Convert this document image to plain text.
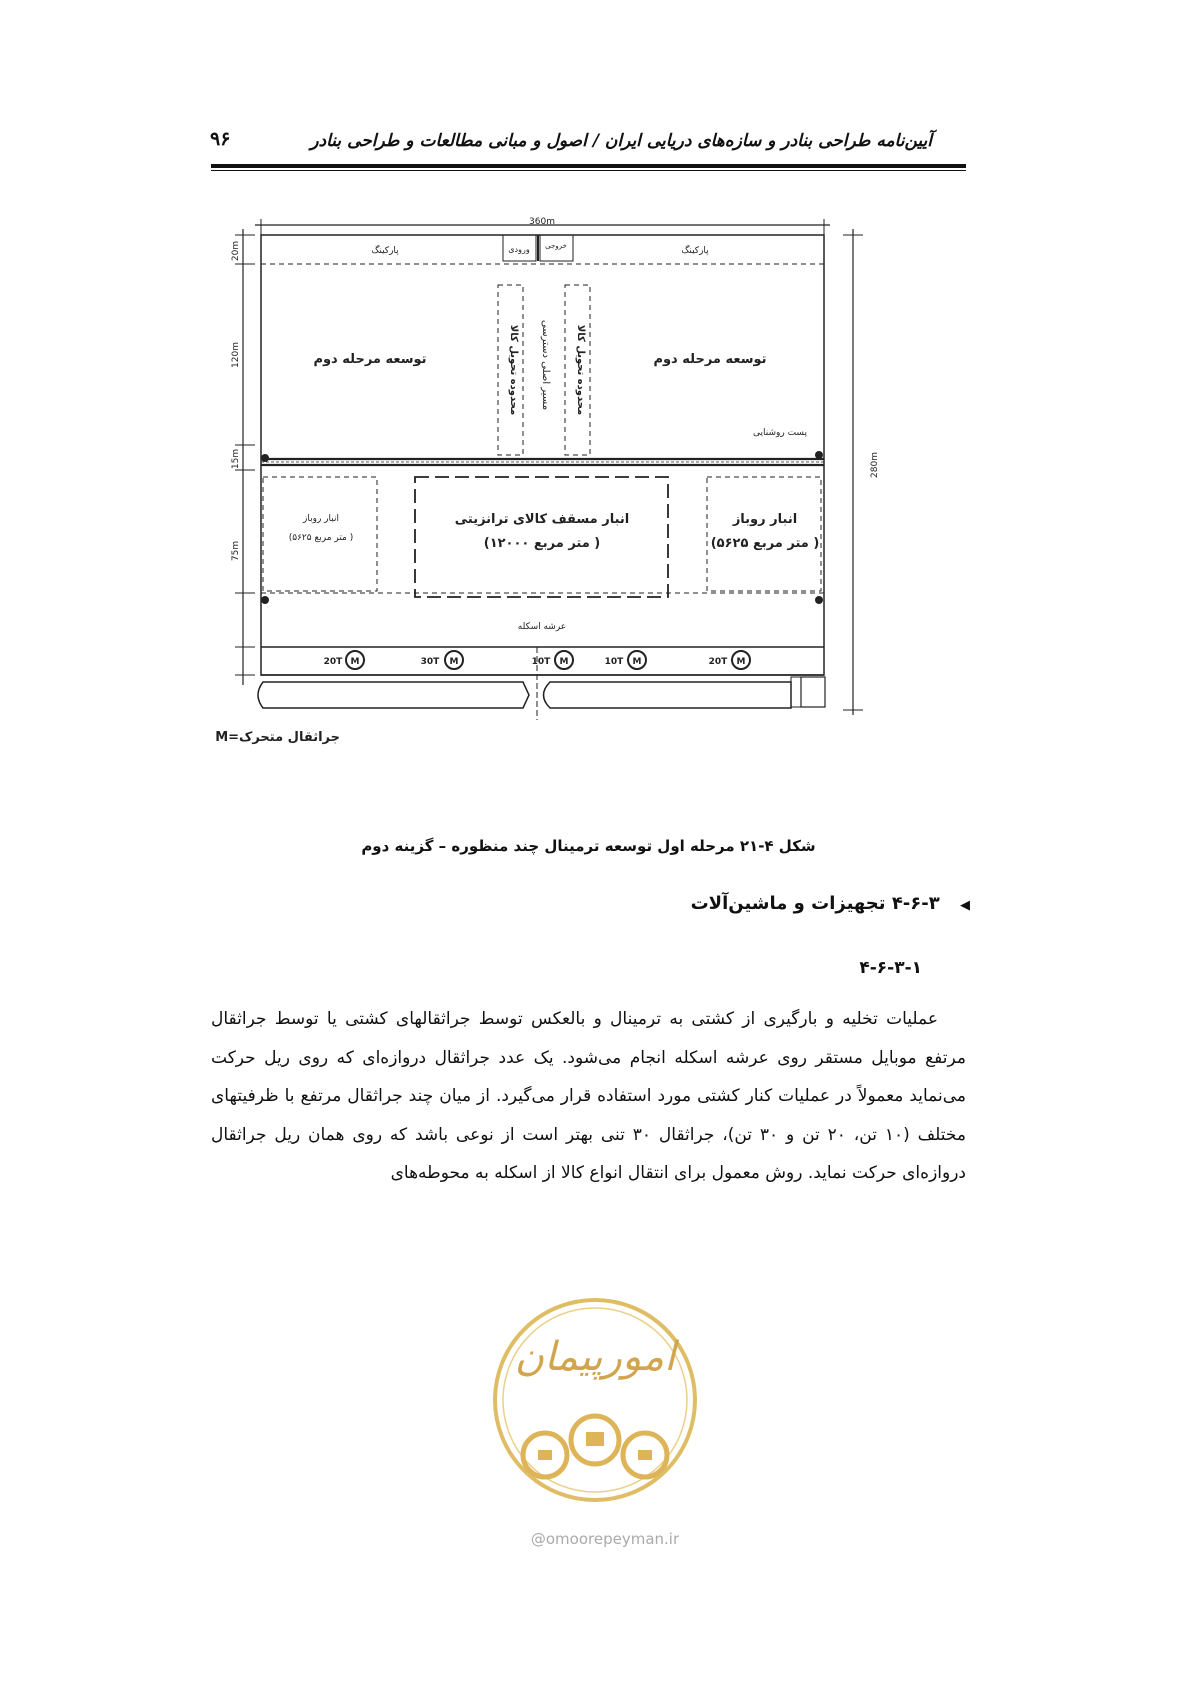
آیین‌نامه طراحی بنادر و سازه‌های دریایی ایران / اصول و مبانی مطالعات و طراحی بنادر
۹۶
360m
280m
20m
120m
15m
75m
پارکینگ	پارکینگ
ورودی خروجی
توسعه مرحله دوم	توسعه مرحله دوم
محدوده تحویل کالا مسیر اصلی دسترسی محدوده تحویل کالا
پست روشنایی
انبار روباز
(۵۶۲۵ متر مربع )
انبار مسقف کالای ترانزیتی
(۱۲۰۰۰ متر مربع )
انبار روباز
(۵۶۲۵ متر مربع )
عرشه اسکله
20T M	30T M	10T M	10T M	20T M
جراثقال متحرک=M
شکل ۴-۲۱ مرحله اول توسعه ترمینال چند منظوره – گزینه دوم
◀ ۴-۶-۳ تجهیزات و ماشین‌آلات
۴-۶-۳-۱

عملیات تخلیه و بارگیری از کشتی به ترمینال و بالعکس توسط جراثقالهای کشتی یا توسط جراثقال مرتفع موبایل مستقر روی عرشه اسکله انجام می‌شود. یک عدد جراثقال دروازه‌ای که روی ریل حرکت می‌نماید معمولاً در عملیات کنار کشتی مورد استفاده قرار می‌گیرد. از میان چند جراثقال مرتفع با ظرفیتهای مختلف (۱۰ تن، ۲۰ تن و ۳۰ تن)، جراثقال ۳۰ تنی بهتر است از نوعی باشد که روی همان ریل جراثقال دروازه‌ای حرکت نماید. روش معمول برای انتقال انواع کالا از اسکله به محوطه‌های

امورپیمان
@omoorepeyman.ir
